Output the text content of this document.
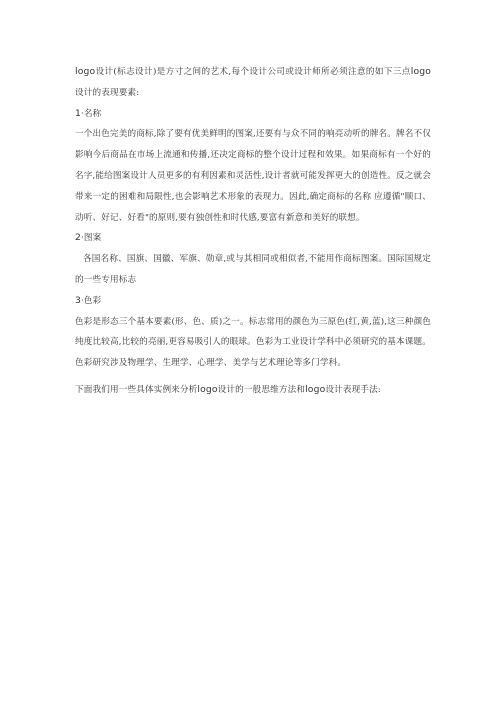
logo设计(标志设计)是方寸之间的艺术,每个设计公司或设计师所必须注意的如下三点logo设计的表现要素:

1·名称

一个出色完美的商标,除了要有优美鲜明的图案,还要有与众不同的响亮动听的牌名。牌名不仅影响今后商品在市场上流通和传播,还决定商标的整个设计过程和效果。如果商标有一个好的名字,能给图案设计人员更多的有利因素和灵活性,设计者就可能发挥更大的创造性。反之就会带来一定的困难和局限性,也会影响艺术形象的表现力。因此,确定商标的名称 应遵循"顺口、动听、好记、好看"的原则,要有独创性和时代感,要富有新意和美好的联想。

2·图案

各国名称、国旗、国徽、军旗、勋章,或与其相同或相似者,不能用作商标图案。国际国规定的一些专用标志

3·色彩

色彩是形态三个基本要素(形、色、质)之一。标志常用的颜色为三原色(红,黄,蓝),这三种颜色纯度比较高,比较的亮丽,更容易吸引人的眼球。色彩为工业设计学科中必须研究的基本课题。色彩研究涉及物理学、生理学、心理学、美学与艺术理论等多门学科。

下面我们用一些具体实例来分析logo设计的一般思维方法和logo设计表现手法:
